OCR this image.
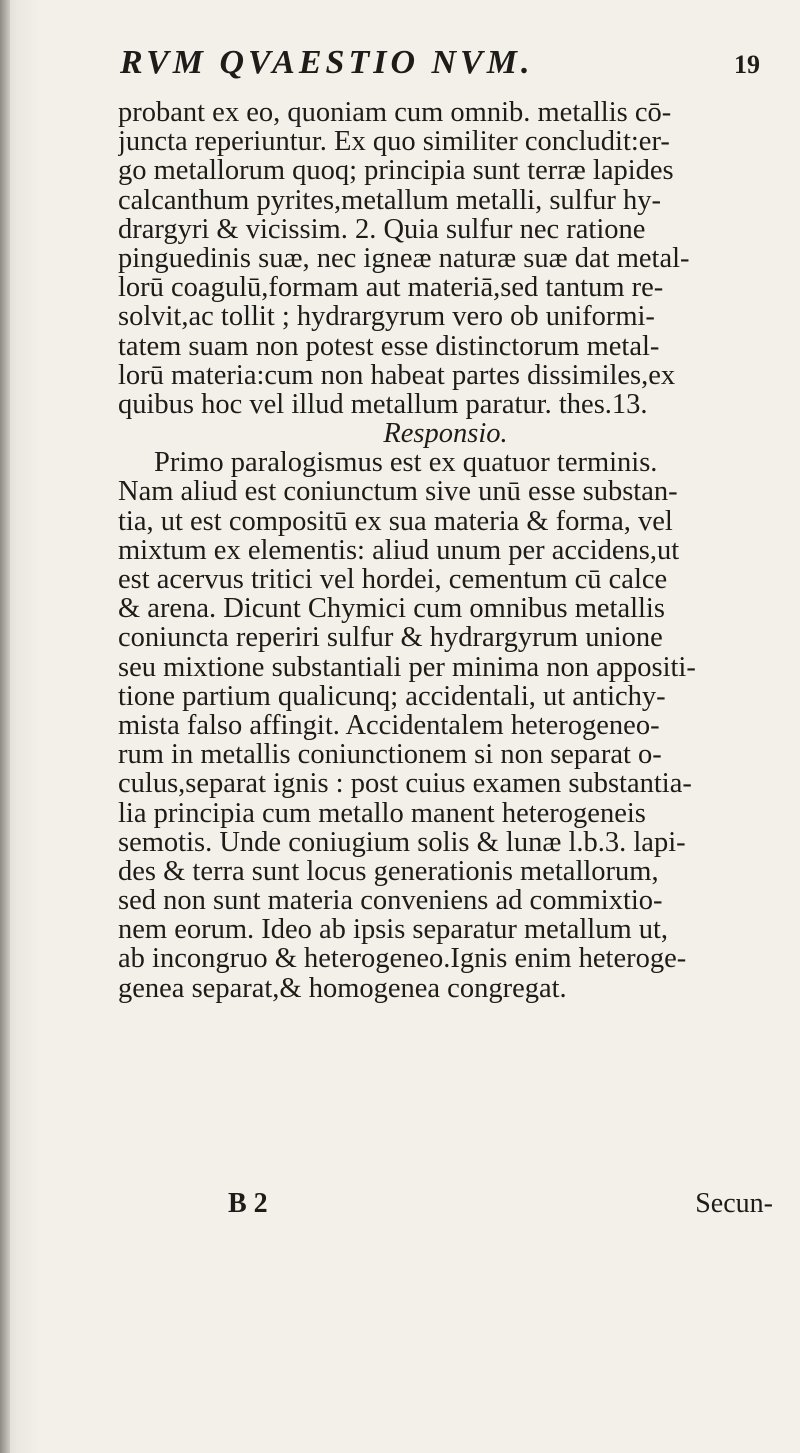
RVM QVAESTIO NVM.	19
probant ex eo, quoniam cum omnib. metallis cō-
juncta reperiuntur. Ex quo similiter concludit:er-
go metallorum quoq; principia sunt terræ lapides
calcanthum pyrites,metallum metalli, sulfur hy-
drargyri & vicissim. 2. Quia sulfur nec ratione
pinguedinis suæ, nec igneæ naturæ suæ dat metal-
lorū coagulū,formam aut materiā,sed tantum re-
solvit,ac tollit ; hydrargyrum vero ob uniformi-
tatem suam non potest esse distinctorum metal-
lorū materia:cum non habeat partes dissimiles,ex
quibus hoc vel illud metallum paratur. thes.13.
Responsio.
Primo paralogismus est ex quatuor terminis.
Nam aliud est coniunctum sive unū esse substan-
tia, ut est compositū ex sua materia & forma, vel
mixtum ex elementis: aliud unum per accidens,ut
est acervus tritici vel hordei, cementum cū calce
& arena. Dicunt Chymici cum omnibus metallis
coniuncta reperiri sulfur & hydrargyrum unione
seu mixtione substantiali per minima non appositi-
tione partium qualicunq; accidentali, ut antichy-
mista falso affingit. Accidentalem heterogeneo-
rum in metallis coniunctionem si non separat o-
culus,separat ignis : post cuius examen substantia-
lia principia cum metallo manent heterogeneis
semotis. Unde coniugium solis & lunæ l.b.3. lapi-
des & terra sunt locus generationis metallorum,
sed non sunt materia conveniens ad commixtio-
nem eorum. Ideo ab ipsis separatur metallum ut,
ab incongruo & heterogeneo.Ignis enim heteroge-
genea separat,& homogenea congregat.
B 2	Secun-
